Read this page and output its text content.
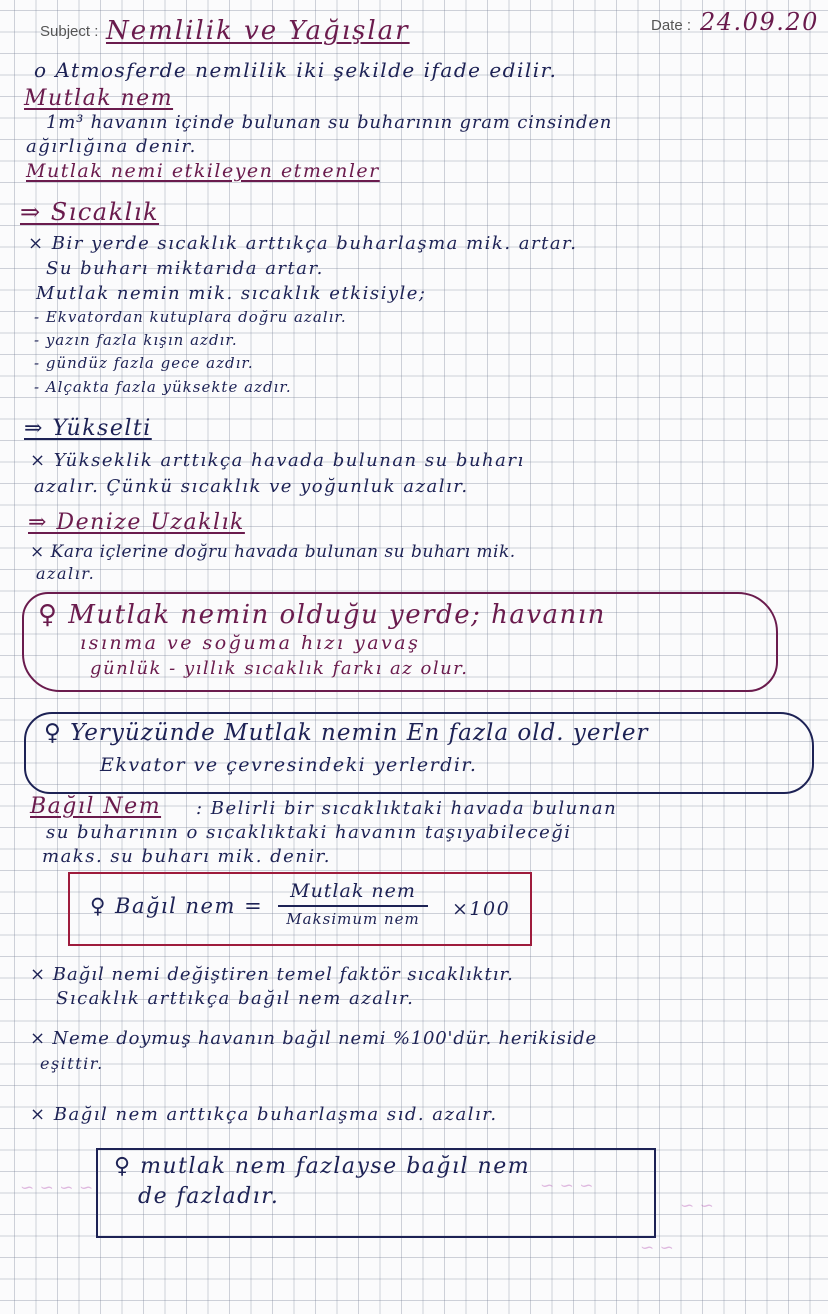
Subject : Nemlilik ve Yağışlar	Date : 24.09.20
o Atmosferde nemlilik iki şekilde ifade edilir.
Mutlak nem
1m³ havanın içinde bulunan su buharının gram cinsinden
ağırlığına denir.
Mutlak nemi etkileyen etmenler
⇒ Sıcaklık
× Bir yerde sıcaklık arttıkça buharlaşma mik. artar.
Su buharı miktarıda artar.
Mutlak nemin mik. sıcaklık etkisiyle;
- Ekvatordan kutuplara doğru azalır.
- yazın fazla kışın azdır.
- gündüz fazla gece azdır.
- Alçakta fazla yüksekte azdır.
⇒ Yükselti
× Yükseklik arttıkça havada bulunan su buharı
azalır. Çünkü sıcaklık ve yoğunluk azalır.
⇒ Denize Uzaklık
× Kara içlerine doğru havada bulunan su buharı mik.
azalır.
♀ Mutlak nemin olduğu yerde; havanın
ısınma ve soğuma hızı yavaş
günlük - yıllık sıcaklık farkı az olur.
♀ Yeryüzünde Mutlak nemin En fazla old. yerler
Ekvator ve çevresindeki yerlerdir.
Bağıl Nem : Belirli bir sıcaklıktaki havada bulunan
su buharının o sıcaklıktaki havanın taşıyabileceği
maks. su buharı mik. denir.
♀ Bağıl nem =
Mutlak nem
Maksimum nem ×100
× Bağıl nemi değiştiren temel faktör sıcaklıktır.
Sıcaklık arttıkça bağıl nem azalır.
× Neme doymuş havanın bağıl nemi %100'dür. herikiside
eşittir.
× Bağıl nem arttıkça buharlaşma sıd. azalır.
♀ mutlak nem fazlayse bağıl nem
de fazladır.
~ ~ ~ ~	~ ~ ~
~ ~
~ ~
